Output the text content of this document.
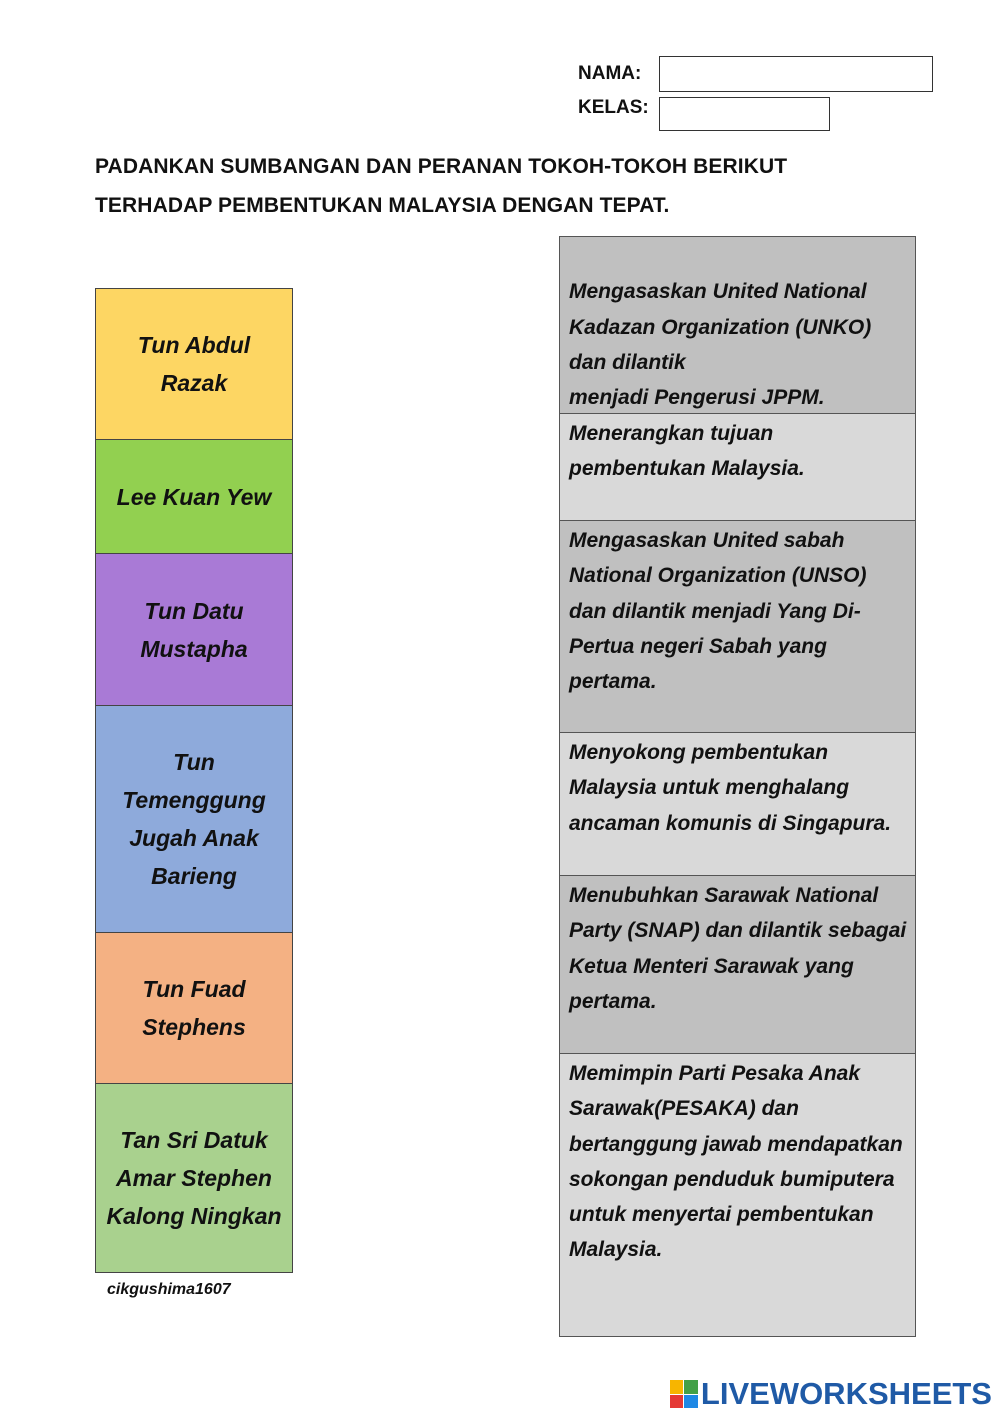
NAMA:
KELAS:
PADANKAN SUMBANGAN DAN PERANAN TOKOH-TOKOH BERIKUT
TERHADAP PEMBENTUKAN MALAYSIA DENGAN TEPAT.
Tun Abdul Razak
Lee Kuan Yew
Tun Datu Mustapha
Tun Temenggung Jugah Anak Barieng
Tun Fuad Stephens
Tan Sri Datuk Amar Stephen Kalong Ningkan

Mengasaskan United National Kadazan Organization (UNKO) dan dilantik
menjadi Pengerusi JPPM.

Menerangkan tujuan pembentukan Malaysia.
Mengasaskan United sabah National Organization (UNSO) dan dilantik menjadi Yang Di-Pertua negeri Sabah yang pertama.
Menyokong pembentukan Malaysia untuk menghalang ancaman komunis di Singapura.
Menubuhkan Sarawak National Party (SNAP) dan dilantik sebagai Ketua Menteri Sarawak yang pertama.
Memimpin Parti Pesaka Anak Sarawak(PESAKA) dan bertanggung jawab mendapatkan sokongan penduduk bumiputera untuk menyertai pembentukan Malaysia.
cikgushima1607
LIVEWORKSHEETS
